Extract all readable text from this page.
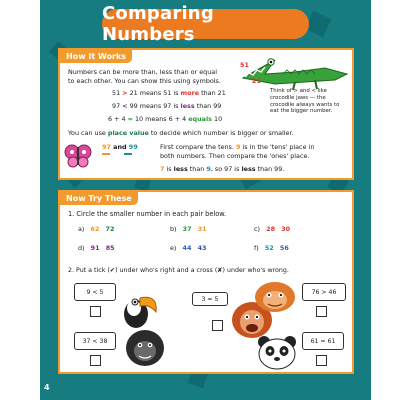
Comparing Numbers
How It Works
Numbers can be more than, less than or equal
to each other. You can show this using symbols.
51 > 21 means 51 is more than 21
97 < 99 means 97 is less than 99
6 + 4 = 10 means 6 + 4 equals 10
51
21
Think of > and < like
crocodile jaws — the
crocodile always wants to
eat the bigger number.
You can use place value to decide which number is bigger or smaller.
97 and 99	First compare the tens. 9 is in the 'tens' place in
both numbers. Then compare the 'ones' place.
7 is less than 9, so 97 is less than 99.
Now Try These
1. Circle the smaller number in each pair below.
a) 62 72	b) 37 31	c) 28 30
d) 91 85	e) 44 43	f) 52 56
2. Put a tick (✔) under who's right and a cross (✘) under who's wrong.
9 < 5
3 = 5
76 > 46
37 < 38	61 = 61
4
